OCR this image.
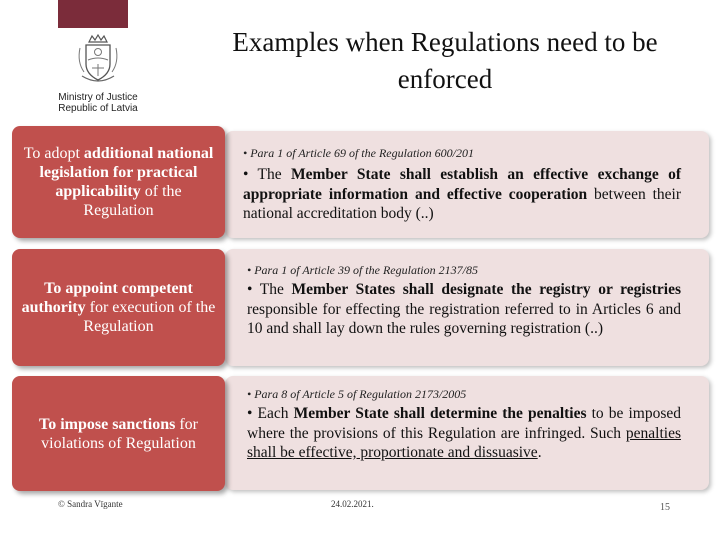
Ministry of Justice
Republic of Latvia
Examples when Regulations need to be
enforced
To adopt additional national legislation for practical applicability of the Regulation
To appoint competent authority for execution of the Regulation
To impose sanctions for violations of Regulation
• Para 1 of Article 69 of the Regulation 600/201
• The Member State shall establish an effective exchange of appropriate information and effective cooperation between their national accreditation body (..)
• Para 1 of Article 39 of the Regulation 2137/85
• The Member States shall designate the registry or registries responsible for effecting the registration referred to in Articles 6 and 10 and shall lay down the rules governing registration (..)
• Para 8 of Article 5 of Regulation 2173/2005
• Each Member State shall determine the penalties to be imposed where the provisions of this Regulation are infringed. Such penalties shall be effective, proportionate and dissuasive.
© Sandra Vīgante	24.02.2021.	15
